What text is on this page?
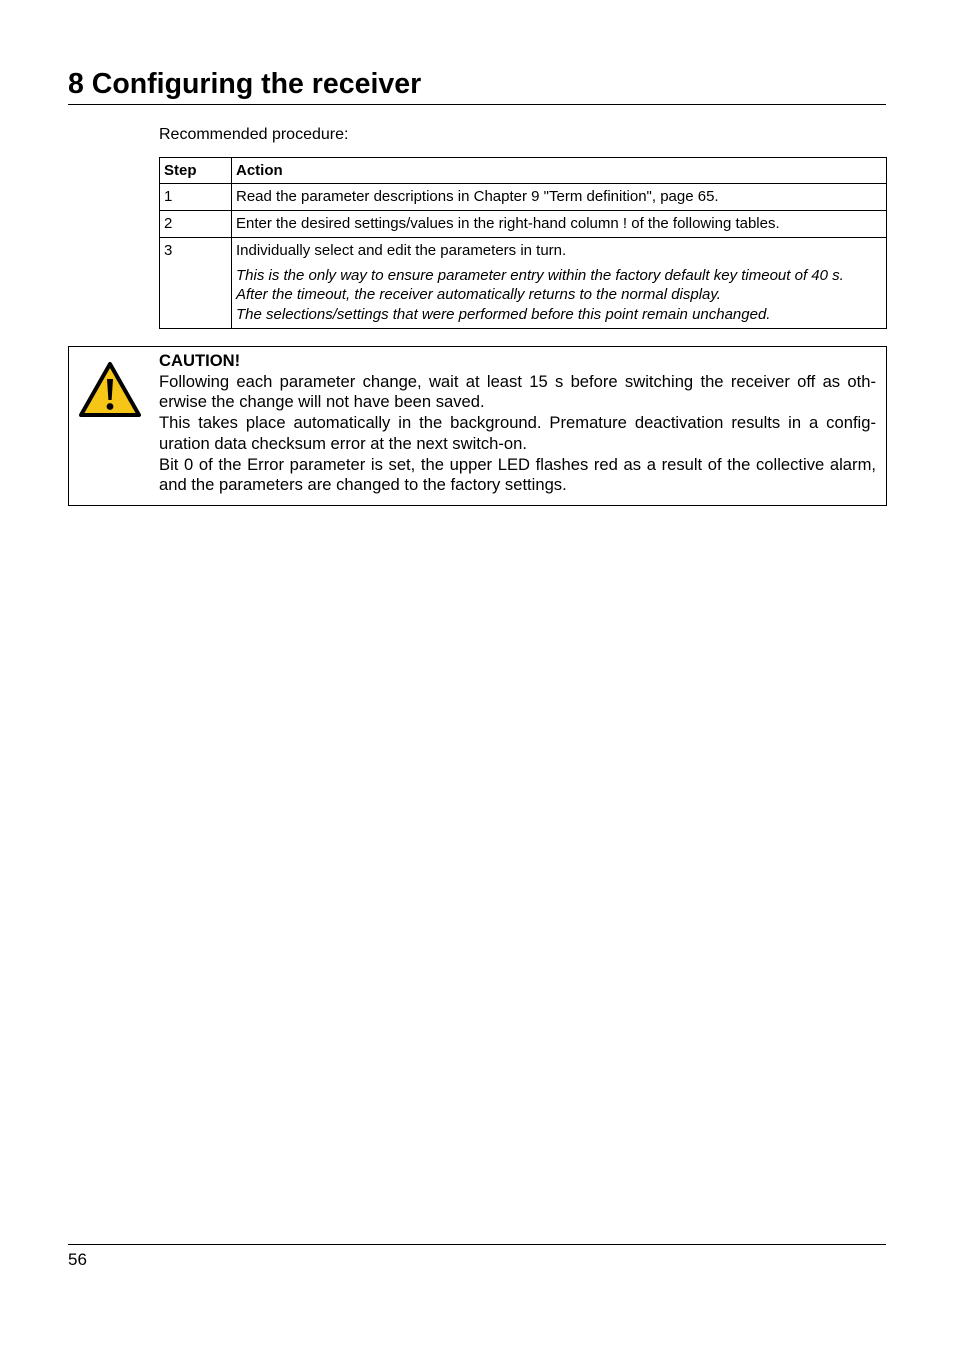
8 Configuring the receiver

Recommended procedure:

Step	Action
1	Read the parameter descriptions in Chapter 9 "Term definition", page 65.
2	Enter the desired settings/values in the right-hand column ! of the following tables.
3	Individually select and edit the parameters in turn.
This is the only way to ensure parameter entry within the factory default key timeout of 40 s.
After the timeout, the receiver automatically returns to the normal display.
The selections/settings that were performed before this point remain unchanged.
CAUTION!
Following each parameter change, wait at least 15 s before switching the receiver off as oth-erwise the change will not have been saved.
This takes place automatically in the background. Premature deactivation results in a config-uration data checksum error at the next switch-on.
Bit 0 of the Error parameter is set, the upper LED flashes red as a result of the collective alarm, and the parameters are changed to the factory settings.
56
